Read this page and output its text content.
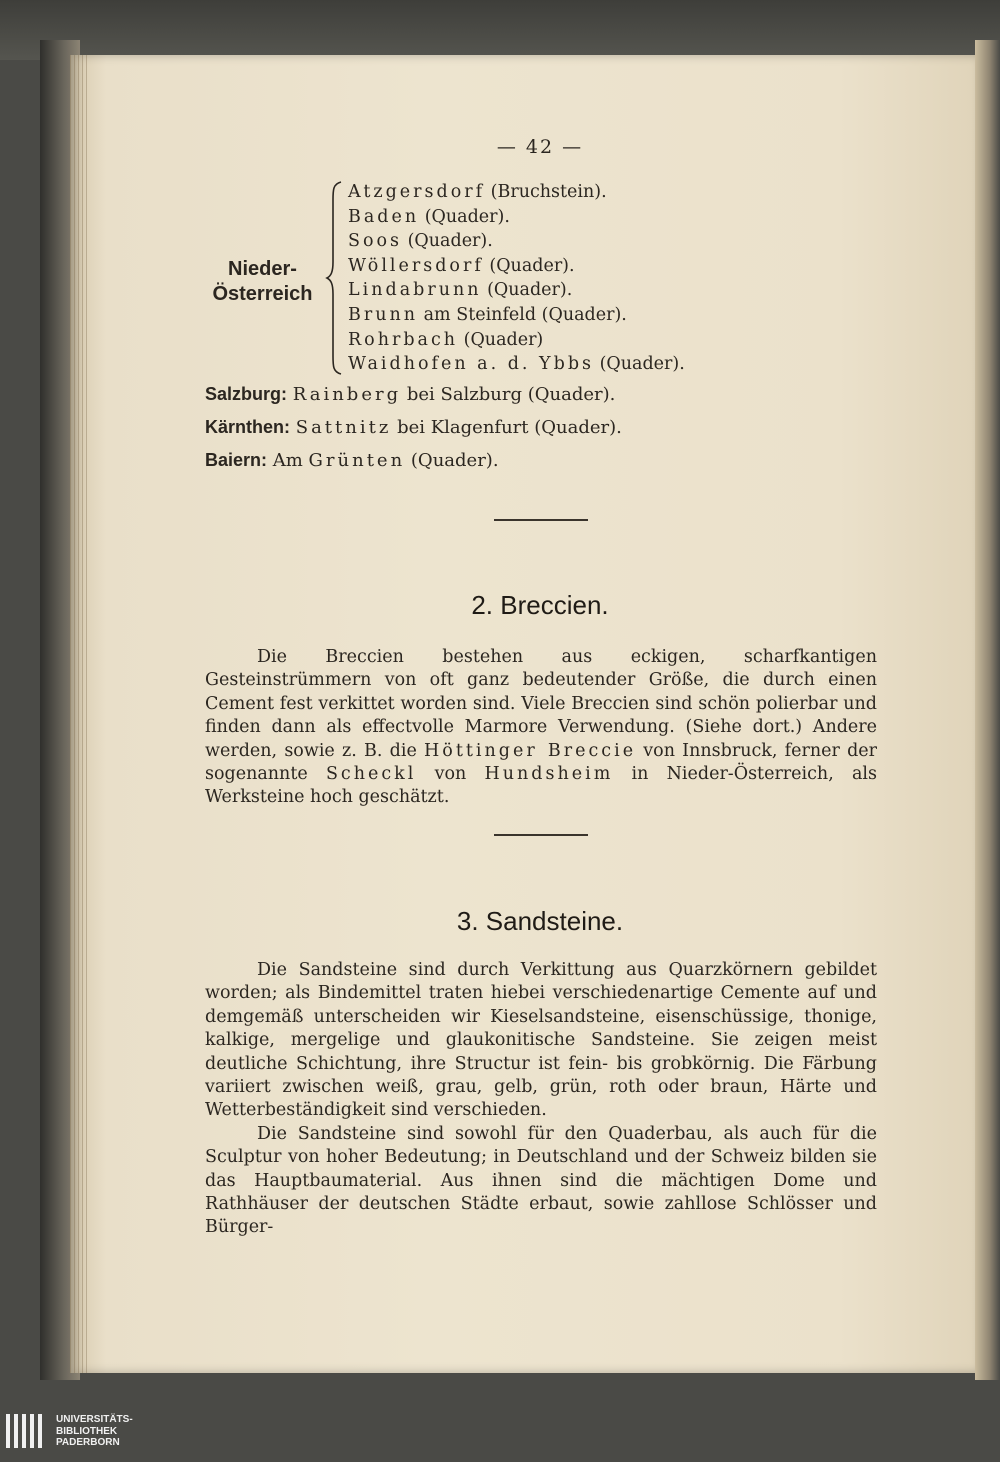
— 42 —
Nieder-
Österreich
Atzgersdorf (Bruchstein).
Baden (Quader).
Soos (Quader).
Wöllersdorf (Quader).
Lindabrunn (Quader).
Brunn am Steinfeld (Quader).
Rohrbach (Quader)
Waidhofen a. d. Ybbs (Quader).
Salzburg: Rainberg bei Salzburg (Quader).
Kärnthen: Sattnitz bei Klagenfurt (Quader).
Baiern: Am Grünten (Quader).
2. Breccien.

Die Breccien bestehen aus eckigen, scharfkantigen Gesteinstrümmern von oft ganz bedeutender Größe, die durch einen Cement fest verkittet worden sind. Viele Breccien sind schön polierbar und finden dann als effectvolle Marmore Verwendung. (Siehe dort.) Andere werden, sowie z. B. die Höttinger Breccie von Innsbruck, ferner der sogenannte Scheckl von Hundsheim in Nieder-Österreich, als Werksteine hoch geschätzt.

3. Sandsteine.

Die Sandsteine sind durch Verkittung aus Quarzkörnern gebildet worden; als Bindemittel traten hiebei verschiedenartige Cemente auf und demgemäß unterscheiden wir Kieselsandsteine, eisenschüssige, thonige, kalkige, mergelige und glaukonitische Sandsteine. Sie zeigen meist deutliche Schichtung, ihre Structur ist fein- bis grobkörnig. Die Färbung variiert zwischen weiß, grau, gelb, grün, roth oder braun, Härte und Wetterbeständigkeit sind verschieden.

Die Sandsteine sind sowohl für den Quaderbau, als auch für die Sculptur von hoher Bedeutung; in Deutschland und der Schweiz bilden sie das Hauptbaumaterial. Aus ihnen sind die mächtigen Dome und Rathhäuser der deutschen Städte erbaut, sowie zahllose Schlösser und Bürger-

UNIVERSITÄTS-
BIBLIOTHEK
PADERBORN
